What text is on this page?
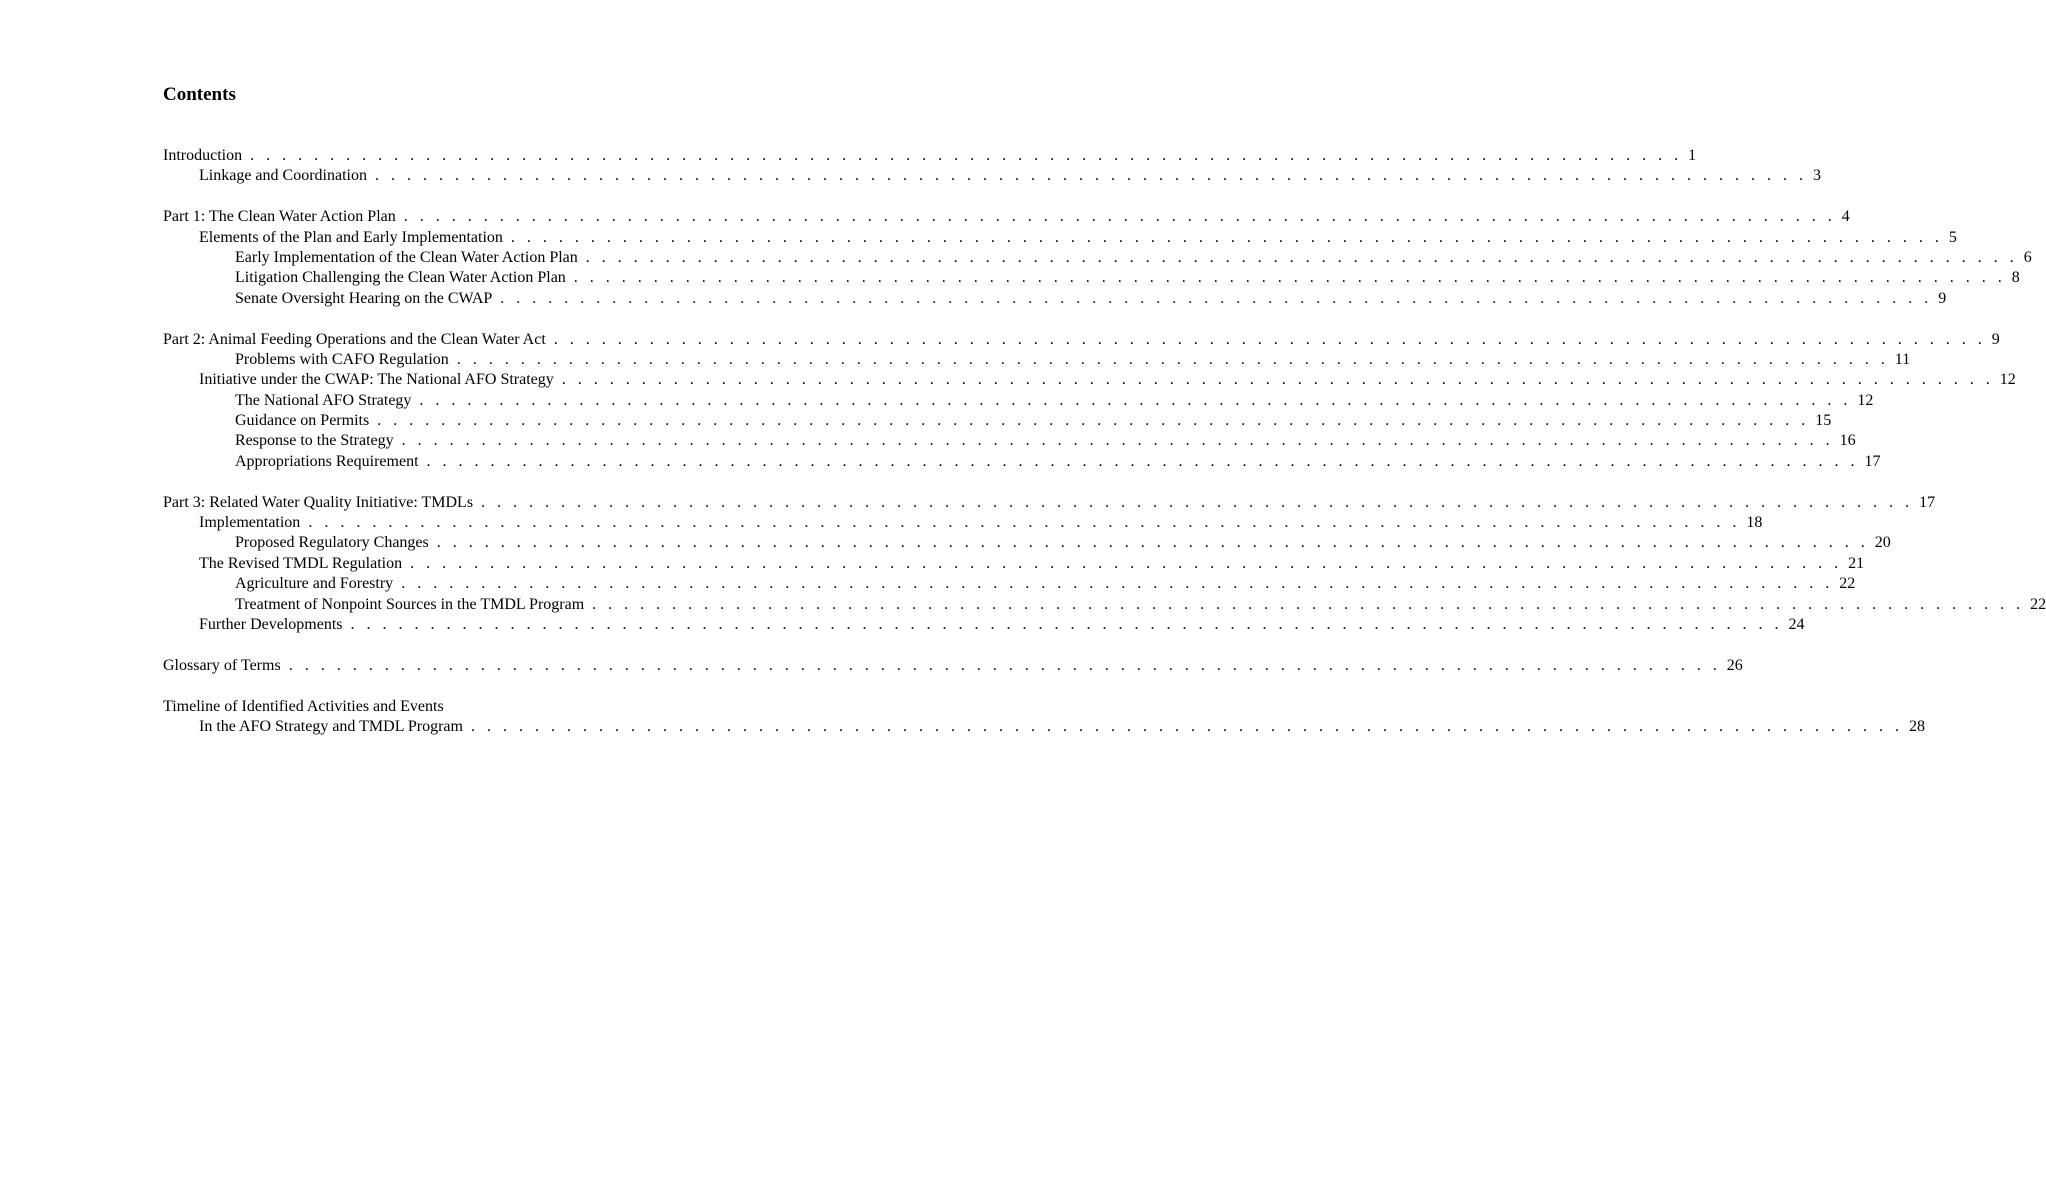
Contents
Introduction . . . . . . . . . . . . . . . . . . . . . . . . . . . . . . . . . . . . . . . . . . . . . . . . . . . . . . . . . . . . . . . . . . . . . . . . . . . . . . . . . . . . . . . . . . 1
Linkage and Coordination . . . . . . . . . . . . . . . . . . . . . . . . . . . . . . . . . . . . . . . . . . . . . . . . . . . . . . . . . . . . . . . . . . . . . . . . . . . . . . . . . . . . . . . . . . 3
Part 1: The Clean Water Action Plan . . . . . . . . . . . . . . . . . . . . . . . . . . . . . . . . . . . . . . . . . . . . . . . . . . . . . . . . . . . . . . . . . . . . . . . . . . . . . . . . . . . . . . . . . . 4
Elements of the Plan and Early Implementation . . . . . . . . . . . . . . . . . . . . . . . . . . . . . . . . . . . . . . . . . . . . . . . . . . . . . . . . . . . . . . . . . . . . . . . . . . . . . . . . . . . . . . . . . . 5
Early Implementation of the Clean Water Action Plan . . . . . . . . . . . . . . . . . . . . . . . . . . . . . . . . . . . . . . . . . . . . . . . . . . . . . . . . . . . . . . . . . . . . . . . . . . . . . . . . . . . . . . . . . . 6
Litigation Challenging the Clean Water Action Plan . . . . . . . . . . . . . . . . . . . . . . . . . . . . . . . . . . . . . . . . . . . . . . . . . . . . . . . . . . . . . . . . . . . . . . . . . . . . . . . . . . . . . . . . . . 8
Senate Oversight Hearing on the CWAP . . . . . . . . . . . . . . . . . . . . . . . . . . . . . . . . . . . . . . . . . . . . . . . . . . . . . . . . . . . . . . . . . . . . . . . . . . . . . . . . . . . . . . . . . . 9
Part 2: Animal Feeding Operations and the Clean Water Act . . . . . . . . . . . . . . . . . . . . . . . . . . . . . . . . . . . . . . . . . . . . . . . . . . . . . . . . . . . . . . . . . . . . . . . . . . . . . . . . . . . . . . . . . . 9
Problems with CAFO Regulation . . . . . . . . . . . . . . . . . . . . . . . . . . . . . . . . . . . . . . . . . . . . . . . . . . . . . . . . . . . . . . . . . . . . . . . . . . . . . . . . . . . . . . . . . . 11
Initiative under the CWAP: The National AFO Strategy . . . . . . . . . . . . . . . . . . . . . . . . . . . . . . . . . . . . . . . . . . . . . . . . . . . . . . . . . . . . . . . . . . . . . . . . . . . . . . . . . . . . . . . . . . 12
The National AFO Strategy . . . . . . . . . . . . . . . . . . . . . . . . . . . . . . . . . . . . . . . . . . . . . . . . . . . . . . . . . . . . . . . . . . . . . . . . . . . . . . . . . . . . . . . . . . 12
Guidance on Permits . . . . . . . . . . . . . . . . . . . . . . . . . . . . . . . . . . . . . . . . . . . . . . . . . . . . . . . . . . . . . . . . . . . . . . . . . . . . . . . . . . . . . . . . . . 15
Response to the Strategy . . . . . . . . . . . . . . . . . . . . . . . . . . . . . . . . . . . . . . . . . . . . . . . . . . . . . . . . . . . . . . . . . . . . . . . . . . . . . . . . . . . . . . . . . . 16
Appropriations Requirement . . . . . . . . . . . . . . . . . . . . . . . . . . . . . . . . . . . . . . . . . . . . . . . . . . . . . . . . . . . . . . . . . . . . . . . . . . . . . . . . . . . . . . . . . . 17
Part 3: Related Water Quality Initiative: TMDLs . . . . . . . . . . . . . . . . . . . . . . . . . . . . . . . . . . . . . . . . . . . . . . . . . . . . . . . . . . . . . . . . . . . . . . . . . . . . . . . . . . . . . . . . . . 17
Implementation . . . . . . . . . . . . . . . . . . . . . . . . . . . . . . . . . . . . . . . . . . . . . . . . . . . . . . . . . . . . . . . . . . . . . . . . . . . . . . . . . . . . . . . . . . 18
Proposed Regulatory Changes . . . . . . . . . . . . . . . . . . . . . . . . . . . . . . . . . . . . . . . . . . . . . . . . . . . . . . . . . . . . . . . . . . . . . . . . . . . . . . . . . . . . . . . . . . 20
The Revised TMDL Regulation . . . . . . . . . . . . . . . . . . . . . . . . . . . . . . . . . . . . . . . . . . . . . . . . . . . . . . . . . . . . . . . . . . . . . . . . . . . . . . . . . . . . . . . . . . 21
Agriculture and Forestry . . . . . . . . . . . . . . . . . . . . . . . . . . . . . . . . . . . . . . . . . . . . . . . . . . . . . . . . . . . . . . . . . . . . . . . . . . . . . . . . . . . . . . . . . . 22
Treatment of Nonpoint Sources in the TMDL Program . . . . . . . . . . . . . . . . . . . . . . . . . . . . . . . . . . . . . . . . . . . . . . . . . . . . . . . . . . . . . . . . . . . . . . . . . . . . . . . . . . . . . . . . . . 22
Further Developments . . . . . . . . . . . . . . . . . . . . . . . . . . . . . . . . . . . . . . . . . . . . . . . . . . . . . . . . . . . . . . . . . . . . . . . . . . . . . . . . . . . . . . . . . . 24
Glossary of Terms . . . . . . . . . . . . . . . . . . . . . . . . . . . . . . . . . . . . . . . . . . . . . . . . . . . . . . . . . . . . . . . . . . . . . . . . . . . . . . . . . . . . . . . . . . 26
Timeline of Identified Activities and Events
In the AFO Strategy and TMDL Program . . . . . . . . . . . . . . . . . . . . . . . . . . . . . . . . . . . . . . . . . . . . . . . . . . . . . . . . . . . . . . . . . . . . . . . . . . . . . . . . . . . . . . . . . . 28
